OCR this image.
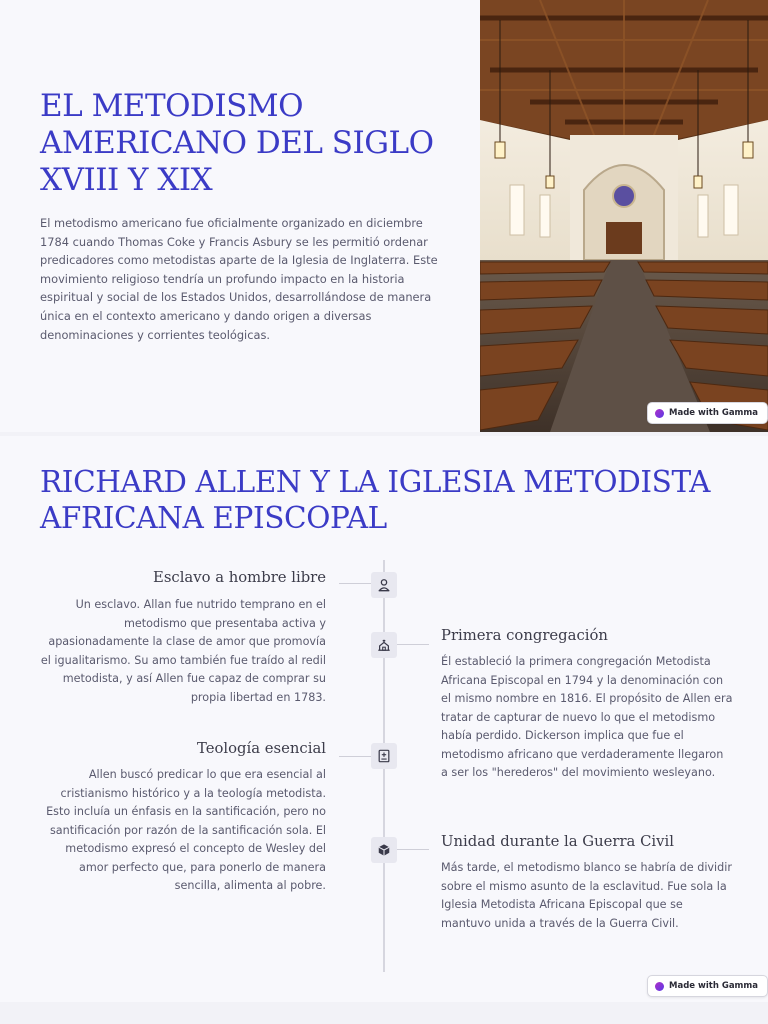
EL METODISMO AMERICANO DEL SIGLO XVIII Y XIX

El metodismo americano fue oficialmente organizado en diciembre 1784 cuando Thomas Coke y Francis Asbury se les permitió ordenar predicadores como metodistas aparte de la Iglesia de Inglaterra. Este movimiento religioso tendría un profundo impacto en la historia espiritual y social de los Estados Unidos, desarrollándose de manera única en el contexto americano y dando origen a diversas denominaciones y corrientes teológicas.

Made with Gamma
RICHARD ALLEN Y LA IGLESIA METODISTA AFRICANA EPISCOPAL
Esclavo a hombre libre

Un esclavo. Allan fue nutrido temprano en el metodismo que presentaba activa y apasionadamente la clase de amor que promovía el igualitarismo. Su amo también fue traído al redil metodista, y así Allen fue capaz de comprar su propia libertad en 1783.

Primera congregación

Él estableció la primera congregación Metodista Africana Episcopal en 1794 y la denominación con el mismo nombre en 1816. El propósito de Allen era tratar de capturar de nuevo lo que el metodismo había perdido. Dickerson implica que fue el metodismo africano que verdaderamente llegaron a ser los "herederos" del movimiento wesleyano.

Teología esencial

Allen buscó predicar lo que era esencial al cristianismo histórico y a la teología metodista. Esto incluía un énfasis en la santificación, pero no santificación por razón de la santificación sola. El metodismo expresó el concepto de Wesley del amor perfecto que, para ponerlo de manera sencilla, alimenta al pobre.

Unidad durante la Guerra Civil

Más tarde, el metodismo blanco se habría de dividir sobre el mismo asunto de la esclavitud. Fue sola la Iglesia Metodista Africana Episcopal que se mantuvo unida a través de la Guerra Civil.

Made with Gamma
